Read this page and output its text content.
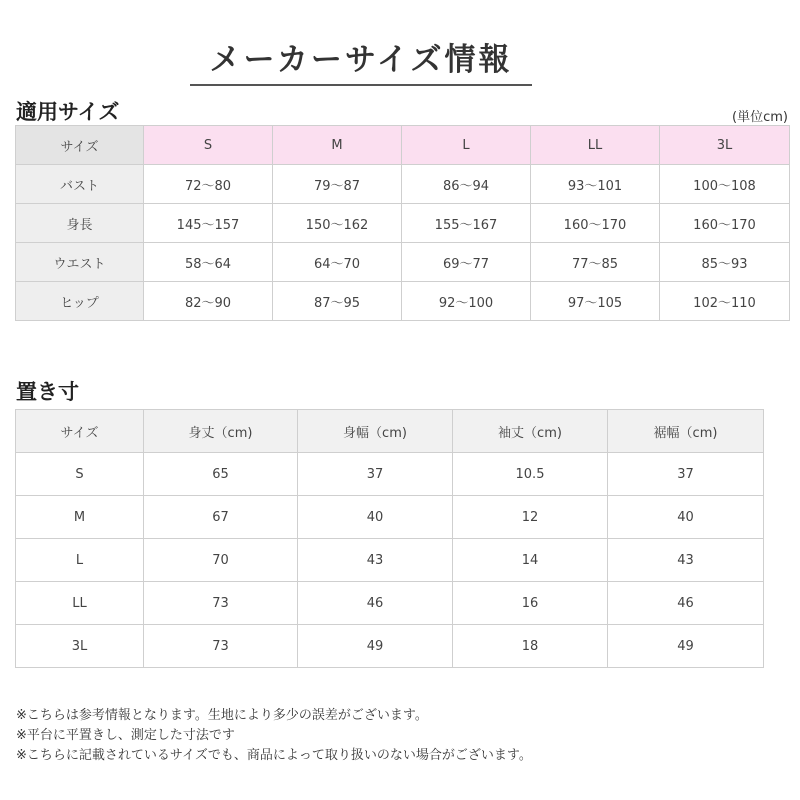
メーカーサイズ情報
適用サイズ	(単位cm)
サイズ	S	M	L	LL	3L
バスト	72〜80	79〜87	86〜94	93〜101	100〜108
身長	145〜157	150〜162	155〜167	160〜170	160〜170
ウエスト	58〜64	64〜70	69〜77	77〜85	85〜93
ヒップ	82〜90	87〜95	92〜100	97〜105	102〜110
置き寸
サイズ	身丈（cm)	身幅（cm)	袖丈（cm)	裾幅（cm)
S	65	37	10.5	37
M	67	40	12	40
L	70	43	14	43
LL	73	46	16	46
3L	73	49	18	49
※こちらは参考情報となります。生地により多少の誤差がございます。
※平台に平置きし、測定した寸法です
※こちらに記載されているサイズでも、商品によって取り扱いのない場合がございます。
